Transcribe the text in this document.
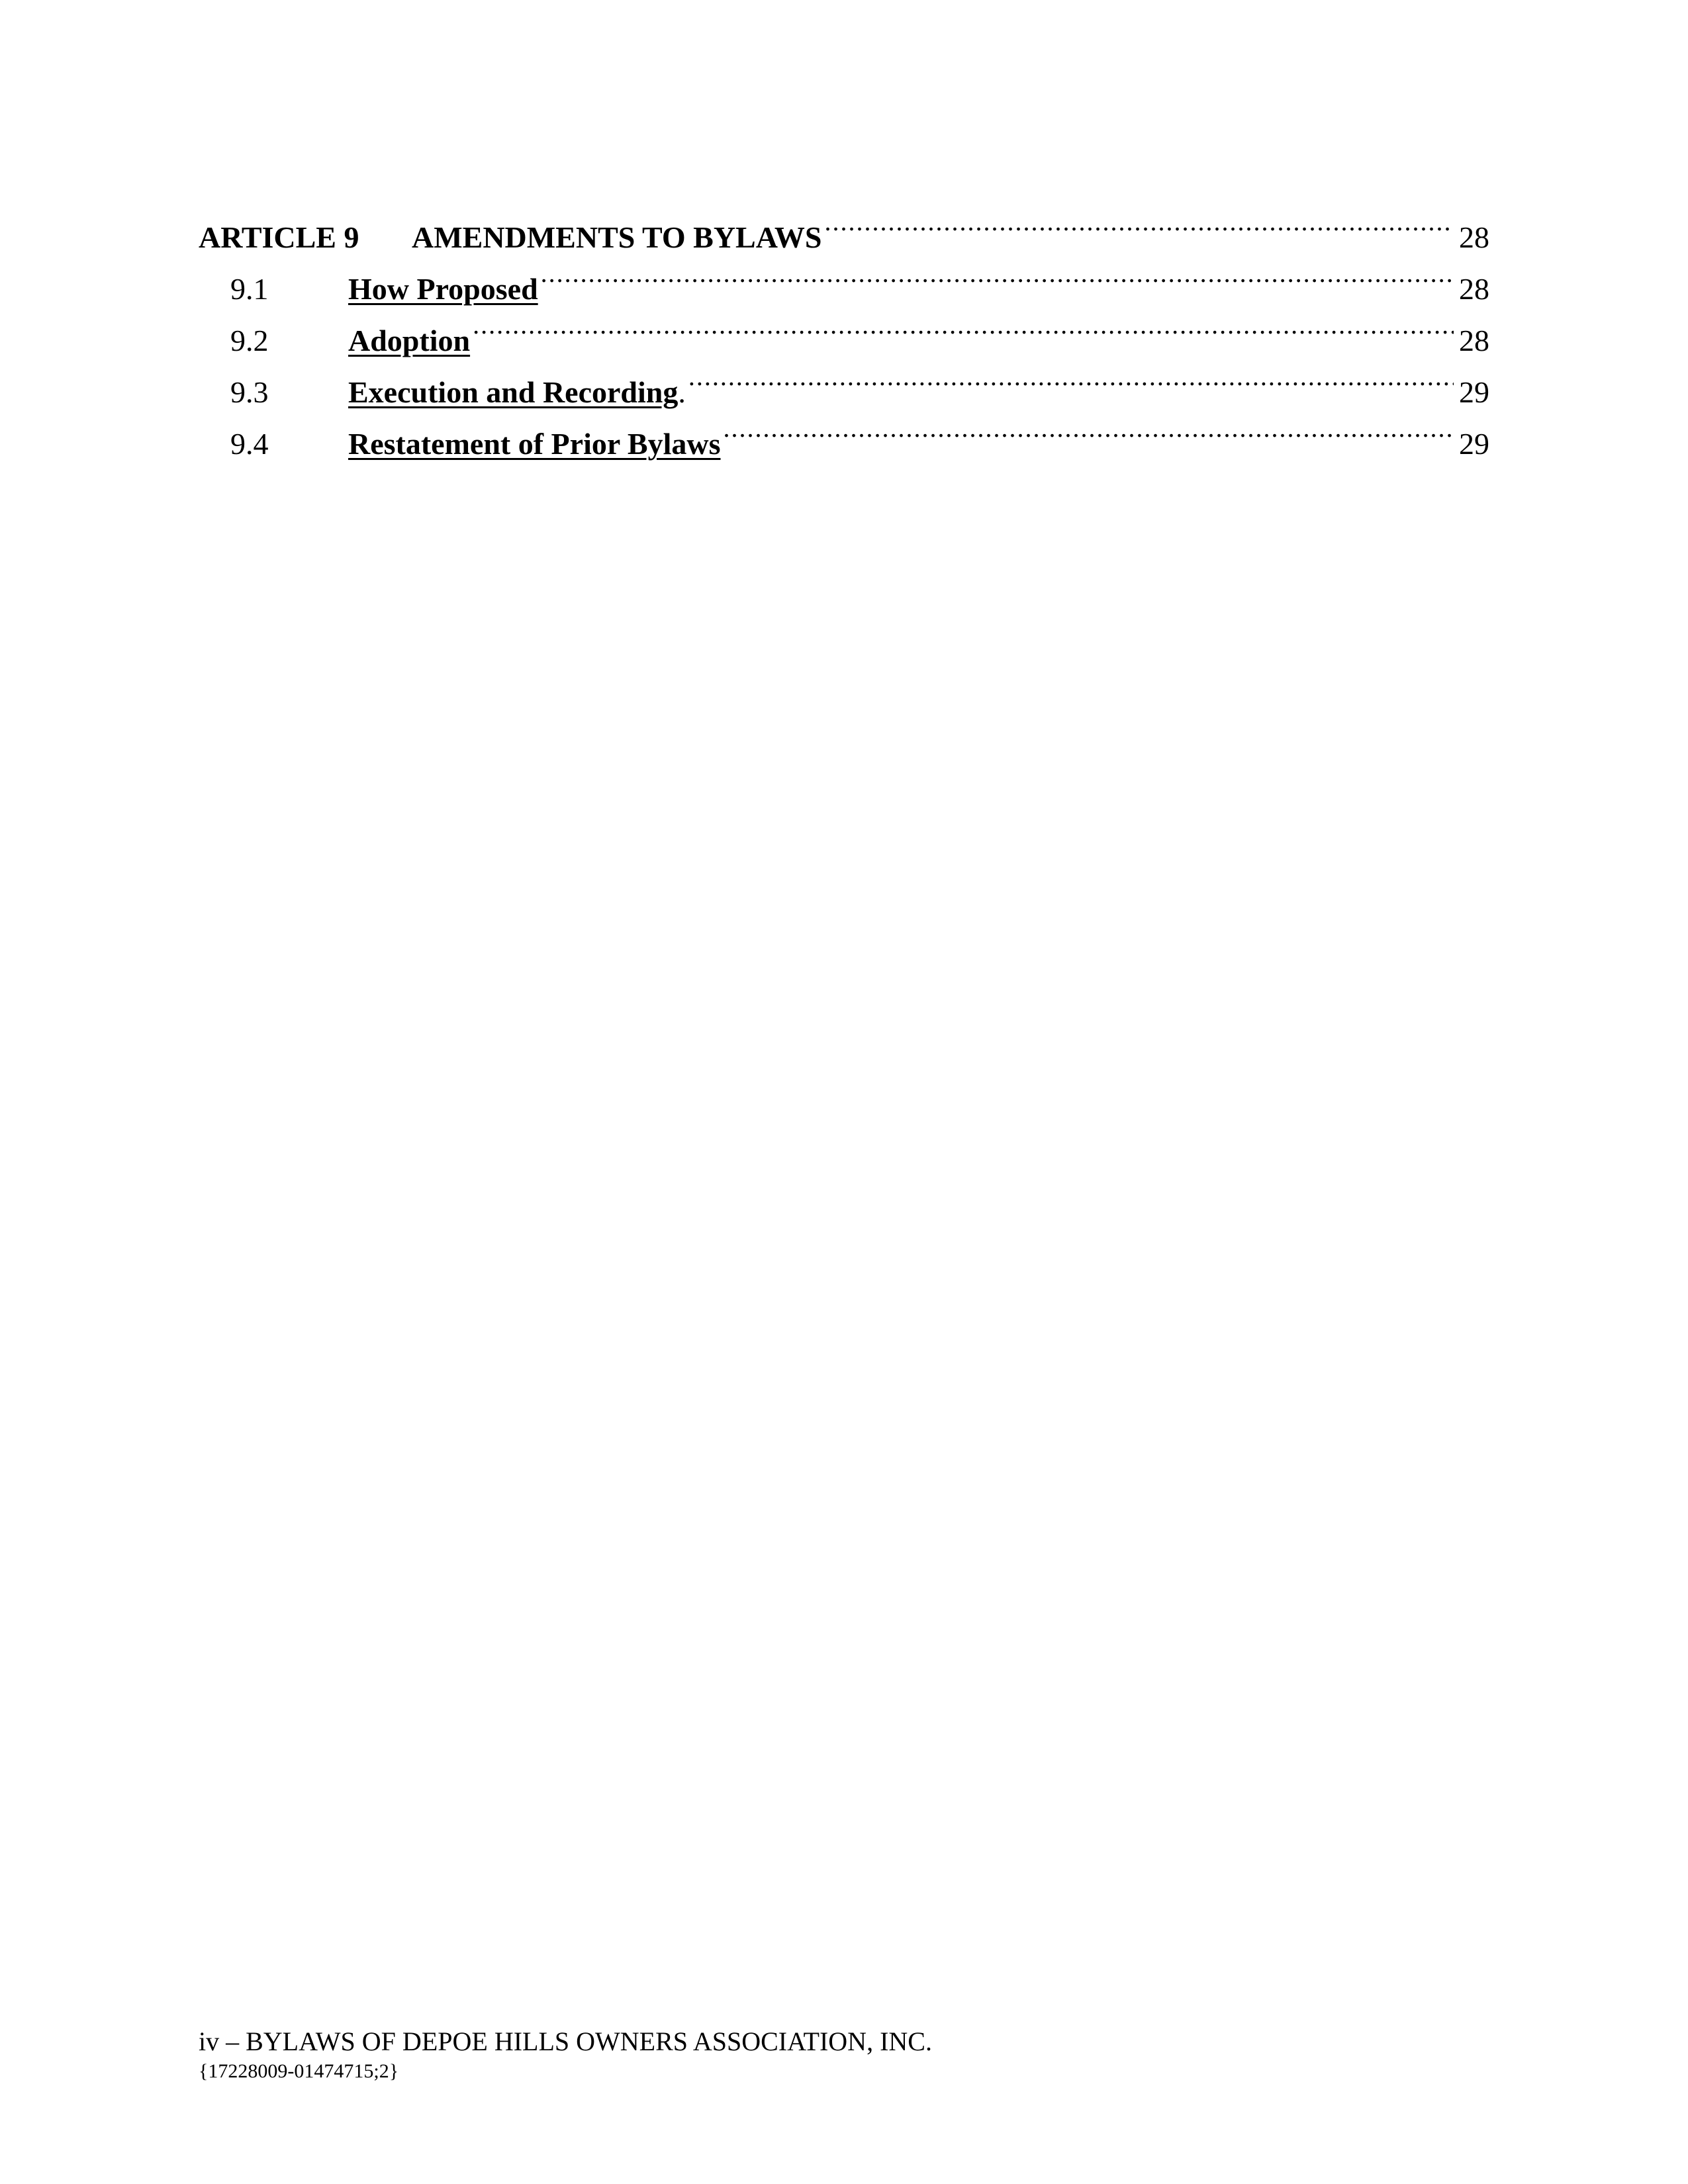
ARTICLE 9	AMENDMENTS TO BYLAWS .....	28
9.1	How Proposed .....	28
9.2	Adoption .....	28
9.3	Execution and Recording . .....	29
9.4	Restatement of Prior Bylaws .....	29
iv – BYLAWS OF DEPOE HILLS OWNERS ASSOCIATION, INC.
{17228009-01474715;2}
